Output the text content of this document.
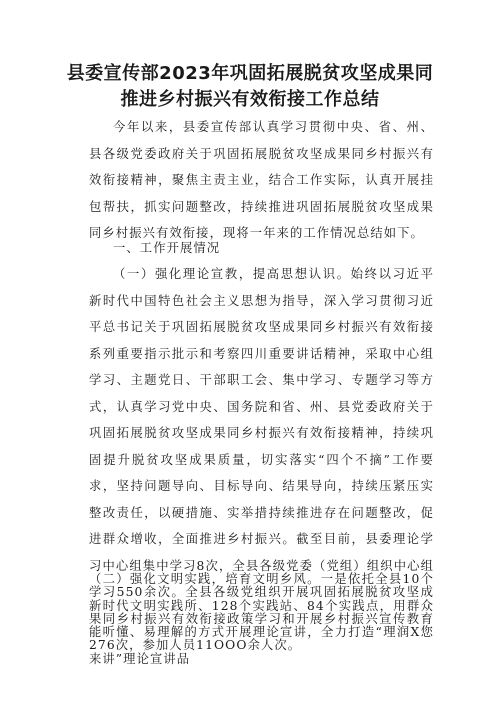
县委宣传部2023年巩固拓展脱贫攻坚成果同
推进乡村振兴有效衔接工作总结

今年以来，县委宣传部认真学习贯彻中央、省、州、县各级党委政府关于巩固拓展脱贫攻坚成果同乡村振兴有效衔接精神，聚焦主责主业，结合工作实际，认真开展挂包帮扶，抓实问题整改，持续推进巩固拓展脱贫攻坚成果同乡村振兴有效衔接，现将一年来的工作情况总结如下。

一、工作开展情况

（一）强化理论宣教，提高思想认识。始终以习近平新时代中国特色社会主义思想为指导，深入学习贯彻习近平总书记关于巩固拓展脱贫攻坚成果同乡村振兴有效衔接系列重要指示批示和考察四川重要讲话精神，采取中心组学习、主题党日、干部职工会、集中学习、专题学习等方式，认真学习党中央、国务院和省、州、县党委政府关于巩固拓展脱贫攻坚成果同乡村振兴有效衔接精神，持续巩固提升脱贫攻坚成果质量，切实落实“四个不摘”工作要求，坚持问题导向、目标导向、结果导向，持续压紧压实整改责任，以硬措施、实举措持续推进存在问题整改，促进群众增收，全面推进乡村振兴。截至目前，县委理论学习中心组集中学习8次，全县各级党委（党组）组织中心组学习550余次。全县各级党组织开展巩固拓展脱贫攻坚成果同乡村振兴有效衔接政策学习和开展乡村振兴宣传教育276次，参加人员11OOO余人次。

（二）强化文明实践，培育文明乡风。一是依托全县10个新时代文明实践所、128个实践站、84个实践点，用群众能听懂、易理解的方式开展理论宣讲，全力打造“理润X您来讲”理论宣讲品
